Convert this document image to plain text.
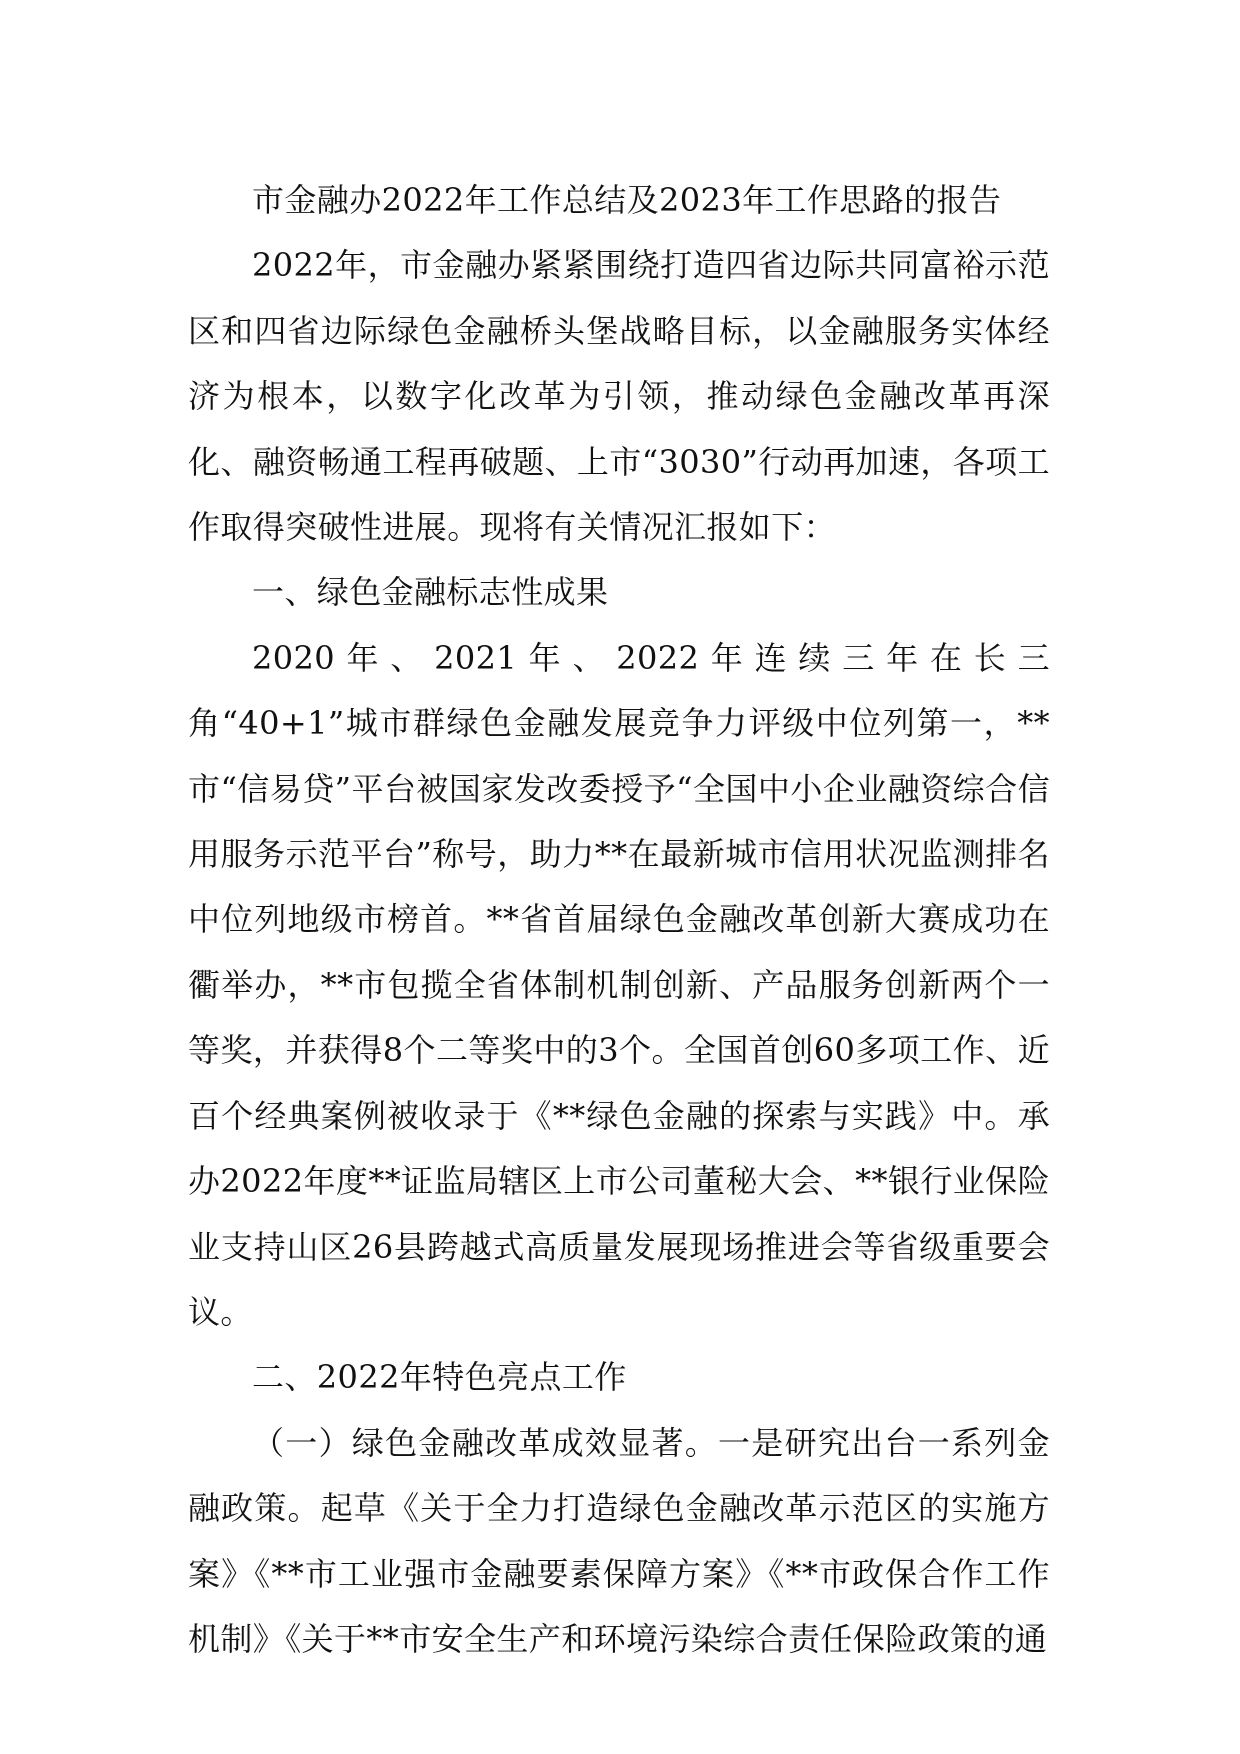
市金融办2022年工作总结及2023年工作思路的报告

2022年，市金融办紧紧围绕打造四省边际共同富裕示范区和四省边际绿色金融桥头堡战略目标，以金融服务实体经济为根本，以数字化改革为引领，推动绿色金融改革再深化、融资畅通工程再破题、上市“3030”行动再加速，各项工作取得突破性进展。现将有关情况汇报如下：

一、绿色金融标志性成果

2020年、2021年、2022年连续三年在长三角“40+1”城市群绿色金融发展竞争力评级中位列第一，**市“信易贷”平台被国家发改委授予“全国中小企业融资综合信用服务示范平台”称号，助力**在最新城市信用状况监测排名中位列地级市榜首。**省首届绿色金融改革创新大赛成功在衢举办，**市包揽全省体制机制创新、产品服务创新两个一等奖，并获得8个二等奖中的3个。全国首创60多项工作、近百个经典案例被收录于《**绿色金融的探索与实践》中。承办2022年度**证监局辖区上市公司董秘大会、**银行业保险业支持山区26县跨越式高质量发展现场推进会等省级重要会议。

二、2022年特色亮点工作

（一）绿色金融改革成效显著。一是研究出台一系列金融政策。起草《关于全力打造绿色金融改革示范区的实施方案》《**市工业强市金融要素保障方案》《**市政保合作工作机制》《关于**市安全生产和环境污染综合责任保险政策的通
